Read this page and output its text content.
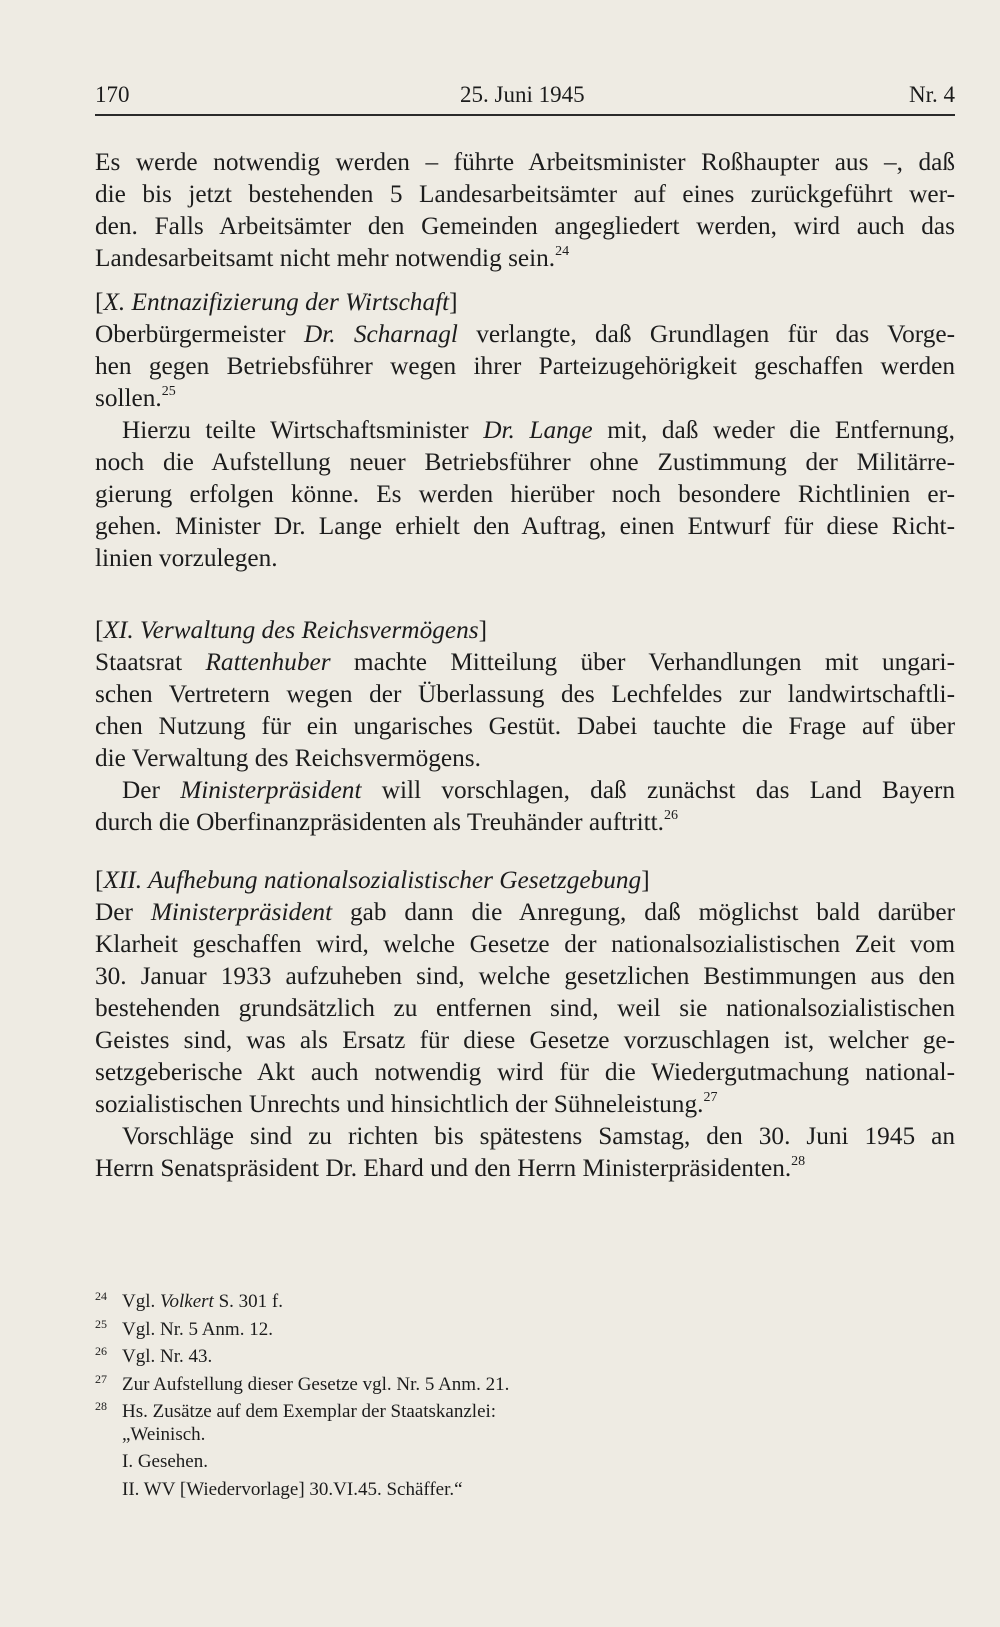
170	25. Juni 1945	Nr. 4
Es werde notwendig werden – führte Arbeitsminister Roßhaupter aus –, daß
die bis jetzt bestehenden 5 Landesarbeitsämter auf eines zurückgeführt wer-
den. Falls Arbeitsämter den Gemeinden angegliedert werden, wird auch das
Landesarbeitsamt nicht mehr notwendig sein.$^{24}$
[X. Entnazifizierung der Wirtschaft]
Oberbürgermeister Dr. Scharnagl verlangte, daß Grundlagen für das Vorge-
hen gegen Betriebsführer wegen ihrer Parteizugehörigkeit geschaffen werden
sollen.$^{25}$
Hierzu teilte Wirtschaftsminister Dr. Lange mit, daß weder die Entfernung,
noch die Aufstellung neuer Betriebsführer ohne Zustimmung der Militärre-
gierung erfolgen könne. Es werden hierüber noch besondere Richtlinien er-
gehen. Minister Dr. Lange erhielt den Auftrag, einen Entwurf für diese Richt-
linien vorzulegen.
[XI. Verwaltung des Reichsvermögens]
Staatsrat Rattenhuber machte Mitteilung über Verhandlungen mit ungari-
schen Vertretern wegen der Überlassung des Lechfeldes zur landwirtschaftli-
chen Nutzung für ein ungarisches Gestüt. Dabei tauchte die Frage auf über
die Verwaltung des Reichsvermögens.
Der Ministerpräsident will vorschlagen, daß zunächst das Land Bayern
durch die Oberfinanzpräsidenten als Treuhänder auftritt.$^{26}$
[XII. Aufhebung nationalsozialistischer Gesetzgebung]
Der Ministerpräsident gab dann die Anregung, daß möglichst bald darüber
Klarheit geschaffen wird, welche Gesetze der nationalsozialistischen Zeit vom
30. Januar 1933 aufzuheben sind, welche gesetzlichen Bestimmungen aus den
bestehenden grundsätzlich zu entfernen sind, weil sie nationalsozialistischen
Geistes sind, was als Ersatz für diese Gesetze vorzuschlagen ist, welcher ge-
setzgeberische Akt auch notwendig wird für die Wiedergutmachung national-
sozialistischen Unrechts und hinsichtlich der Sühneleistung.$^{27}$
Vorschläge sind zu richten bis spätestens Samstag, den 30. Juni 1945 an
Herrn Senatspräsident Dr. Ehard und den Herrn Ministerpräsidenten.$^{28}$
24 Vgl. Volkert S. 301 f.
25 Vgl. Nr. 5 Anm. 12.
26 Vgl. Nr. 43.
27 Zur Aufstellung dieser Gesetze vgl. Nr. 5 Anm. 21.
28 Hs. Zusätze auf dem Exemplar der Staatskanzlei:
„Weinisch.
I. Gesehen.
II. WV [Wiedervorlage] 30.VI.45. Schäffer.“
